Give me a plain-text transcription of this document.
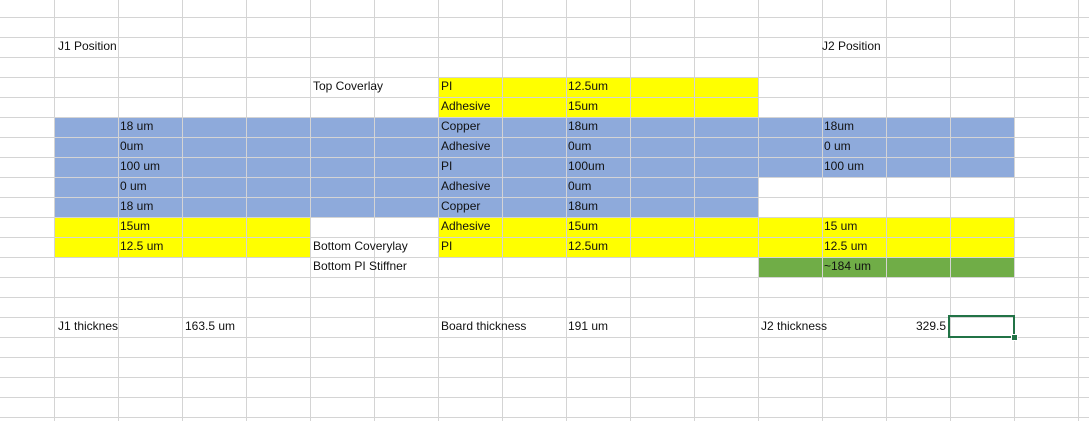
J1 Position	J2 Position
Top Coverlay	PI	12.5um
Adhesive	15um
18 um	Copper	18um	18um
0um	Adhesive	0um	0 um
100 um	PI	100um	100 um
0 um	Adhesive	0um
18 um	Copper	18um
15um	Adhesive	15um	15 um
12.5 um	Bottom Coverylay	PI	12.5um	12.5 um
Bottom PI Stiffner	~184 um
J1 thicknes	163.5 um	Board thickness	191 um	J2 thickness	329.5
